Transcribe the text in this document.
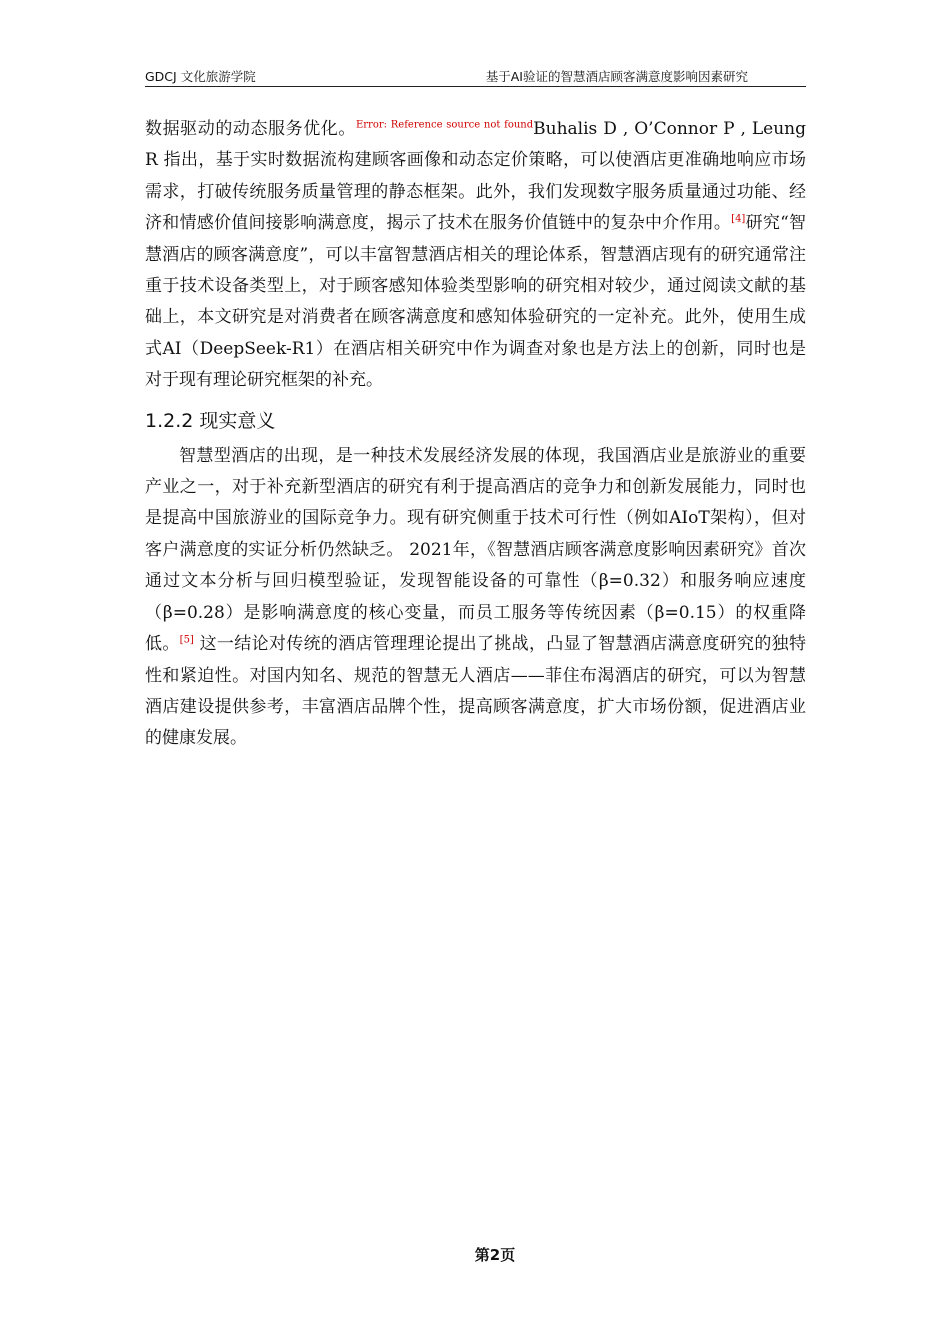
GDCJ 文化旅游学院	基于AI验证的智慧酒店顾客满意度影响因素研究

数据驱动的动态服务优化。$^{Error: Reference source not found}$Buhalis D , O’Connor P , Leung R 指出，基于实时数据流构建顾客画像和动态定价策略，可以使酒店更准确地响应市场需求，打破传统服务质量管理的静态框架。此外，我们发现数字服务质量通过功能、经济和情感价值间接影响满意度，揭示了技术在服务价值链中的复杂中介作用。[4]研究“智慧酒店的顾客满意度”，可以丰富智慧酒店相关的理论体系，智慧酒店现有的研究通常注重于技术设备类型上，对于顾客感知体验类型影响的研究相对较少，通过阅读文献的基础上，本文研究是对消费者在顾客满意度和感知体验研究的一定补充。此外，使用生成式AI（DeepSeek-R1）在酒店相关研究中作为调查对象也是方法上的创新，同时也是对于现有理论研究框架的补充。

1.2.2 现实意义

智慧型酒店的出现，是一种技术发展经济发展的体现，我国酒店业是旅游业的重要产业之一，对于补充新型酒店的研究有利于提高酒店的竞争力和创新发展能力，同时也是提高中国旅游业的国际竞争力。现有研究侧重于技术可行性（例如AIoT架构），但对客户满意度的实证分析仍然缺乏。 2021年，《智慧酒店顾客满意度影响因素研究》首次通过文本分析与回归模型验证，发现智能设备的可靠性（β=0.32）和服务响应速度（β=0.28）是影响满意度的核心变量，而员工服务等传统因素（β=0.15）的权重降低。[5] 这一结论对传统的酒店管理理论提出了挑战，凸显了智慧酒店满意度研究的独特性和紧迫性。对国内知名、规范的智慧无人酒店——菲住布渴酒店的研究，可以为智慧酒店建设提供参考，丰富酒店品牌个性，提高顾客满意度，扩大市场份额，促进酒店业的健康发展。

第2页
